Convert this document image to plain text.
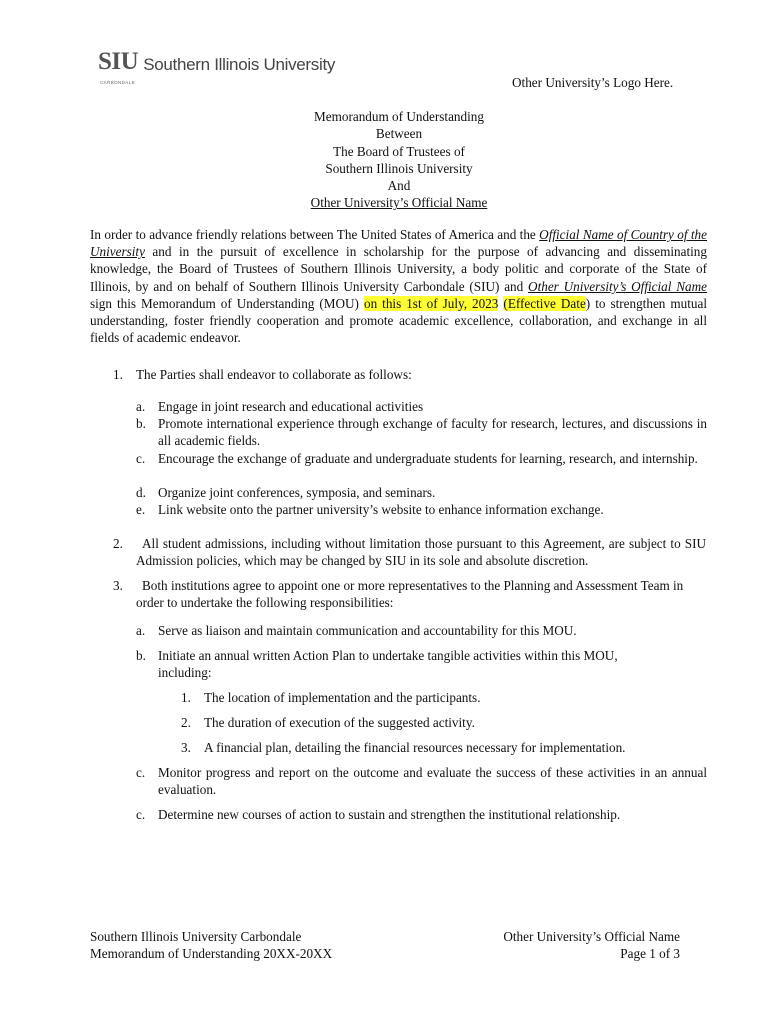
SIU
CARBONDALE
Southern Illinois University
Other University’s Logo Here.
Memorandum of Understanding
Between
The Board of Trustees of
Southern Illinois University
And
Other University’s Official Name
In order to advance friendly relations between The United States of America and the Official Name of Country of the University and in the pursuit of excellence in scholarship for the purpose of advancing and disseminating knowledge, the Board of Trustees of Southern Illinois University, a body politic and corporate of the State of Illinois, by and on behalf of Southern Illinois University Carbondale (SIU) and Other University’s Official Name sign this Memorandum of Understanding (MOU) on this 1st of July, 2023 (Effective Date) to strengthen mutual understanding, foster friendly cooperation and promote academic excellence, collaboration, and exchange in all fields of academic endeavor.
1. The Parties shall endeavor to collaborate as follows:
a. Engage in joint research and educational activities
b. Promote international experience through exchange of faculty for research, lectures, and discussions in all academic fields.
c. Encourage the exchange of graduate and undergraduate students for learning, research, and internship.
d. Organize joint conferences, symposia, and seminars.
e. Link website onto the partner university’s website to enhance information exchange.
2.	All student admissions, including without limitation those pursuant to this Agreement, are subject to SIU Admission policies, which may be changed by SIU in its sole and absolute discretion.
3.	Both institutions agree to appoint one or more representatives to the Planning and Assessment Team in order to undertake the following responsibilities:
a. Serve as liaison and maintain communication and accountability for this MOU.
b. Initiate an annual written Action Plan to undertake tangible activities within this MOU, including:
1. The location of implementation and the participants.
2. The duration of execution of the suggested activity.
3. A financial plan, detailing the financial resources necessary for implementation.
c. Monitor progress and report on the outcome and evaluate the success of these activities in an annual evaluation.
c. Determine new courses of action to sustain and strengthen the institutional relationship.
Southern Illinois University Carbondale
Memorandum of Understanding 20XX-20XX
Other University’s Official Name
Page 1 of 3
